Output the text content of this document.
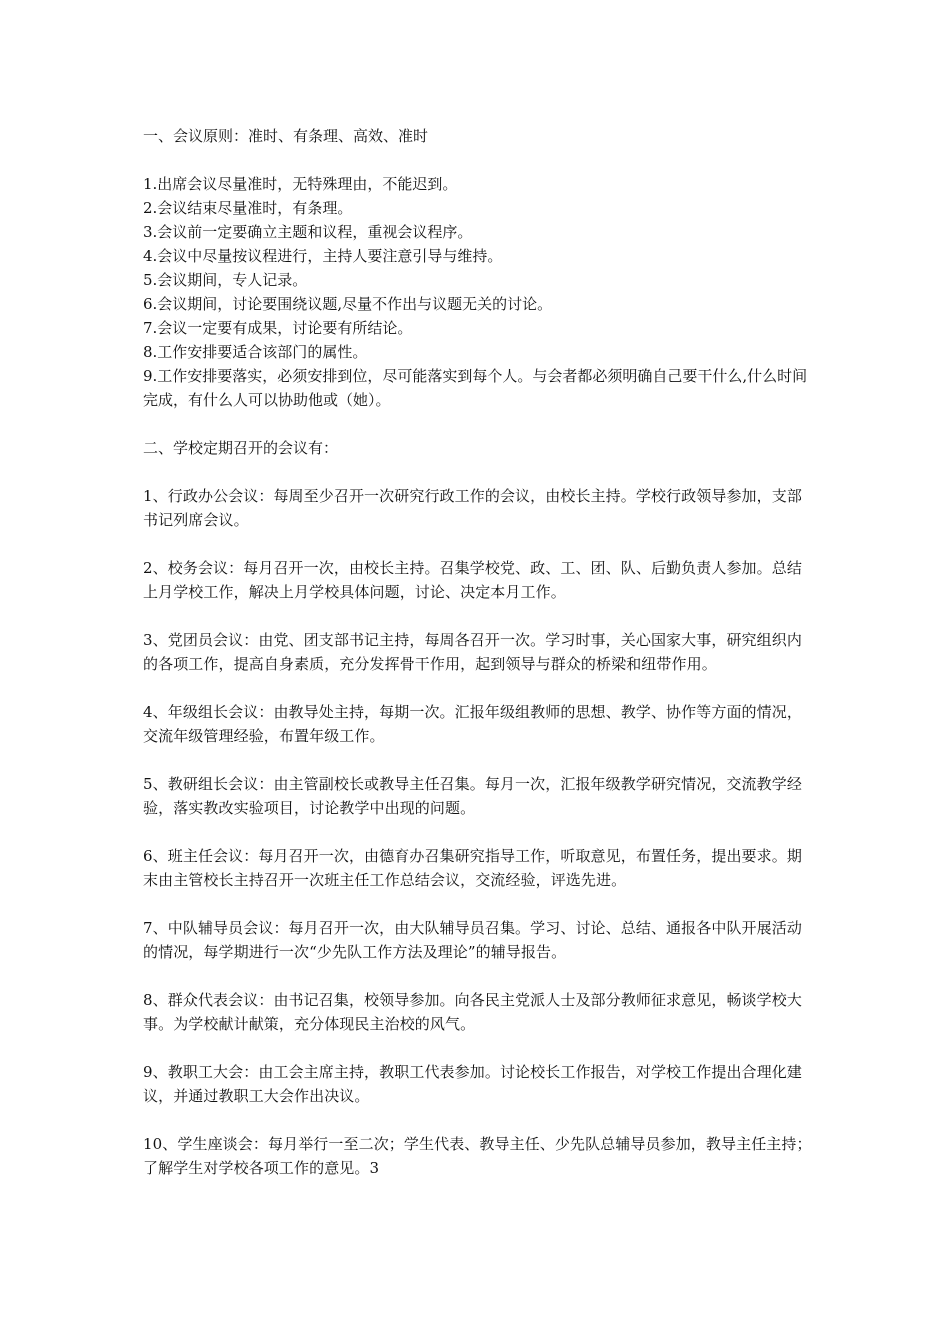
一、会议原则：准时、有条理、高效、准时

1.出席会议尽量准时，无特殊理由，不能迟到。
2.会议结束尽量准时，有条理。
3.会议前一定要确立主题和议程，重视会议程序。
4.会议中尽量按议程进行，主持人要注意引导与维持。
5.会议期间，专人记录。
6.会议期间，讨论要围绕议题,尽量不作出与议题无关的讨论。
7.会议一定要有成果，讨论要有所结论。
8.工作安排要适合该部门的属性。
9.工作安排要落实，必须安排到位，尽可能落实到每个人。与会者都必须明确自己要干什么,什么时间完成，有什么人可以协助他或（她）。

二、学校定期召开的会议有：

1、行政办公会议：每周至少召开一次研究行政工作的会议，由校长主持。学校行政领导参加，支部书记列席会议。

2、校务会议：每月召开一次，由校长主持。召集学校党、政、工、团、队、后勤负责人参加。总结上月学校工作，解决上月学校具体问题，讨论、决定本月工作。

3、党团员会议：由党、团支部书记主持，每周各召开一次。学习时事，关心国家大事，研究组织内的各项工作，提高自身素质，充分发挥骨干作用，起到领导与群众的桥梁和纽带作用。

4、年级组长会议：由教导处主持，每期一次。汇报年级组教师的思想、教学、协作等方面的情况，交流年级管理经验，布置年级工作。

5、教研组长会议：由主管副校长或教导主任召集。每月一次，汇报年级教学研究情况，交流教学经验，落实教改实验项目，讨论教学中出现的问题。

6、班主任会议：每月召开一次，由德育办召集研究指导工作，听取意见，布置任务，提出要求。期末由主管校长主持召开一次班主任工作总结会议，交流经验，评选先进。

7、中队辅导员会议：每月召开一次，由大队辅导员召集。学习、讨论、总结、通报各中队开展活动的情况，每学期进行一次“少先队工作方法及理论”的辅导报告。

8、群众代表会议：由书记召集，校领导参加。向各民主党派人士及部分教师征求意见，畅谈学校大事。为学校献计献策，充分体现民主治校的风气。

9、教职工大会：由工会主席主持，教职工代表参加。讨论校长工作报告，对学校工作提出合理化建议，并通过教职工大会作出决议。

10、学生座谈会：每月举行一至二次；学生代表、教导主任、少先队总辅导员参加，教导主任主持；了解学生对学校各项工作的意见。3
